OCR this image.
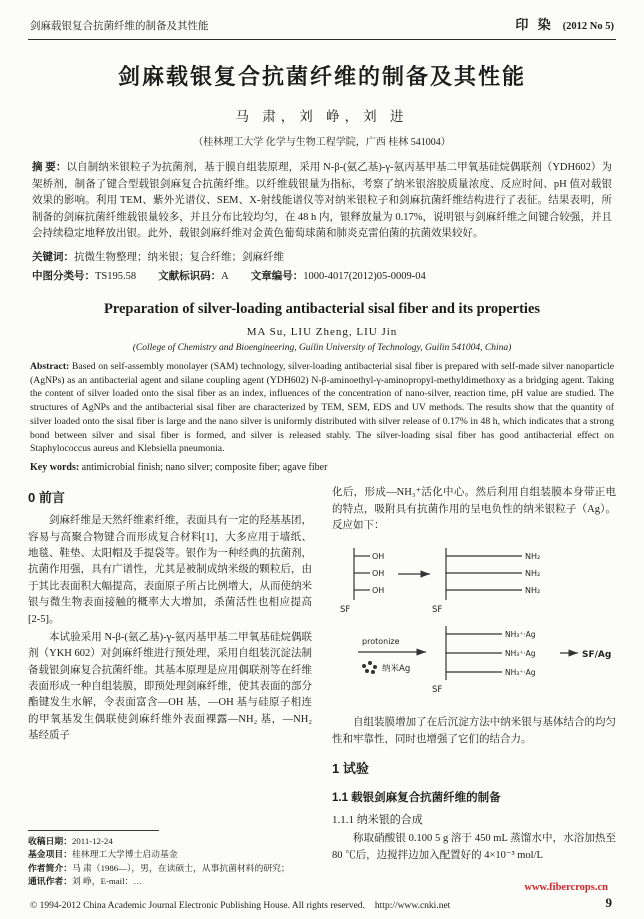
剑麻载银复合抗菌纤维的制备及其性能	印 染 (2012 No 5)
剑麻载银复合抗菌纤维的制备及其性能
马 肃，刘 峥，刘 进
（桂林理工大学 化学与生物工程学院，广西 桂林 541004）

摘 要：以自制纳米银粒子为抗菌剂，基于膜自组装原理，采用 N-β-(氨乙基)-γ-氨丙基甲基二甲氧基硅烷偶联剂（YDH602）为架桥剂，制备了键合型载银剑麻复合抗菌纤维。以纤维载银量为指标，考察了纳米银溶胶质量浓度、反应时间、pH 值对载银效果的影响。利用 TEM、紫外光谱仪、SEM、X-射线能谱仪等对纳米银粒子和剑麻抗菌纤维结构进行了表征。结果表明，所制备的剑麻抗菌纤维载银量较多，并且分布比较均匀，在 48 h 内，银释放量为 0.17%，说明银与剑麻纤维之间键合较强，并且会持续稳定地释放出银。此外，载银剑麻纤维对金黄色葡萄球菌和肺炎克雷伯菌的抗菌效果较好。

关键词：抗微生物整理；纳米银；复合纤维；剑麻纤维

中图分类号：TS195.58 文献标识码：A 文章编号：1000-4017(2012)05-0009-04

Preparation of silver-loading antibacterial sisal fiber and its properties
MA Su, LIU Zheng, LIU Jin
(College of Chemistry and Bioengineering, Guilin University of Technology, Guilin 541004, China)

Abstract: Based on self-assembly monolayer (SAM) technology, silver-loading antibacterial sisal fiber is prepared with self-made silver nanoparticle (AgNPs) as an antibacterial agent and silane coupling agent (YDH602) N-β-aminoethyl-γ-aminopropyl-methyldimethoxy as a bridging agent. Taking the content of silver loaded onto the sisal fiber as an index, influences of the concentration of nano-silver, reaction time, pH value are studied. The structures of AgNPs and the antibacterial sisal fiber are characterized by TEM, SEM, EDS and UV methods. The results show that the quantity of silver loaded onto the sisal fiber is large and the nano silver is uniformly distributed with silver release of 0.17% in 48 h, which indicates that a strong bond between silver and sisal fiber is formed, and silver is released stably. The silver-loading sisal fiber has good antibacterial effect on Staphylococcus aureus and Klebsiella pneumonia.

Key words: antimicrobial finish; nano silver; composite fiber; agave fiber

0 前言

剑麻纤维是天然纤维素纤维，表面具有一定的羟基基团，容易与高聚合物键合而形成复合材料[1]，大多应用于墙纸、地毯、鞋垫、太阳帽及手提袋等。银作为一种经典的抗菌剂，抗菌作用强，具有广谱性，尤其是被制成纳米级的颗粒后，由于其比表面积大幅提高，表面原子所占比例增大，从而使纳米银与微生物表面接触的概率大大增加，杀菌活性也相应提高[2-5]。

本试验采用 N-β-(氨乙基)-γ-氨丙基甲基二甲氧基硅烷偶联剂（YKH 602）对剑麻纤维进行预处理，采用自组装沉淀法制备载银剑麻复合抗菌纤维。其基本原理是应用偶联剂等在纤维表面形成一种自组装膜，即预处理剑麻纤维，使其表面的部分酯键发生水解，令表面富含—OH 基，—OH 基与硅原子相连的甲氧基发生偶联使剑麻纤维外表面裸露—NH₂ 基，—NH₂ 基经质子

收稿日期：2011-12-24
基金项目：桂林理工大学博士启动基金
作者简介：马 肃（1986—），男，在读硕士，从事抗菌材料的研究；
通讯作者：刘 峥，E-mail：…

化后，形成—NH₃⁺活化中心。然后利用自组装膜本身带正电的特点，吸附具有抗菌作用的呈电负性的纳米银粒子（Ag）。反应如下：

OH
OH
OH
SF
NH₂
NH₂
NH₂
SF
protonize
纳米Ag
NH₃⁺·Ag
NH₃⁺·Ag
NH₃⁺·Ag
SF/Ag
SF

自组装膜增加了在后沉淀方法中纳米银与基体结合的均匀性和牢靠性，同时也增强了它们的结合力。

1 试验
1.1 载银剑麻复合抗菌纤维的制备
1.1.1 纳米银的合成

称取硝酸银 0.100 5 g 溶于 450 mL 蒸馏水中，水浴加热至 80 ℃后，边搅拌边加入配置好的 4×10⁻³ mol/L

© 1994-2012 China Academic Journal Electronic Publishing House. All rights reserved. http://www.cnki.net	9
www.fibercrops.cn
